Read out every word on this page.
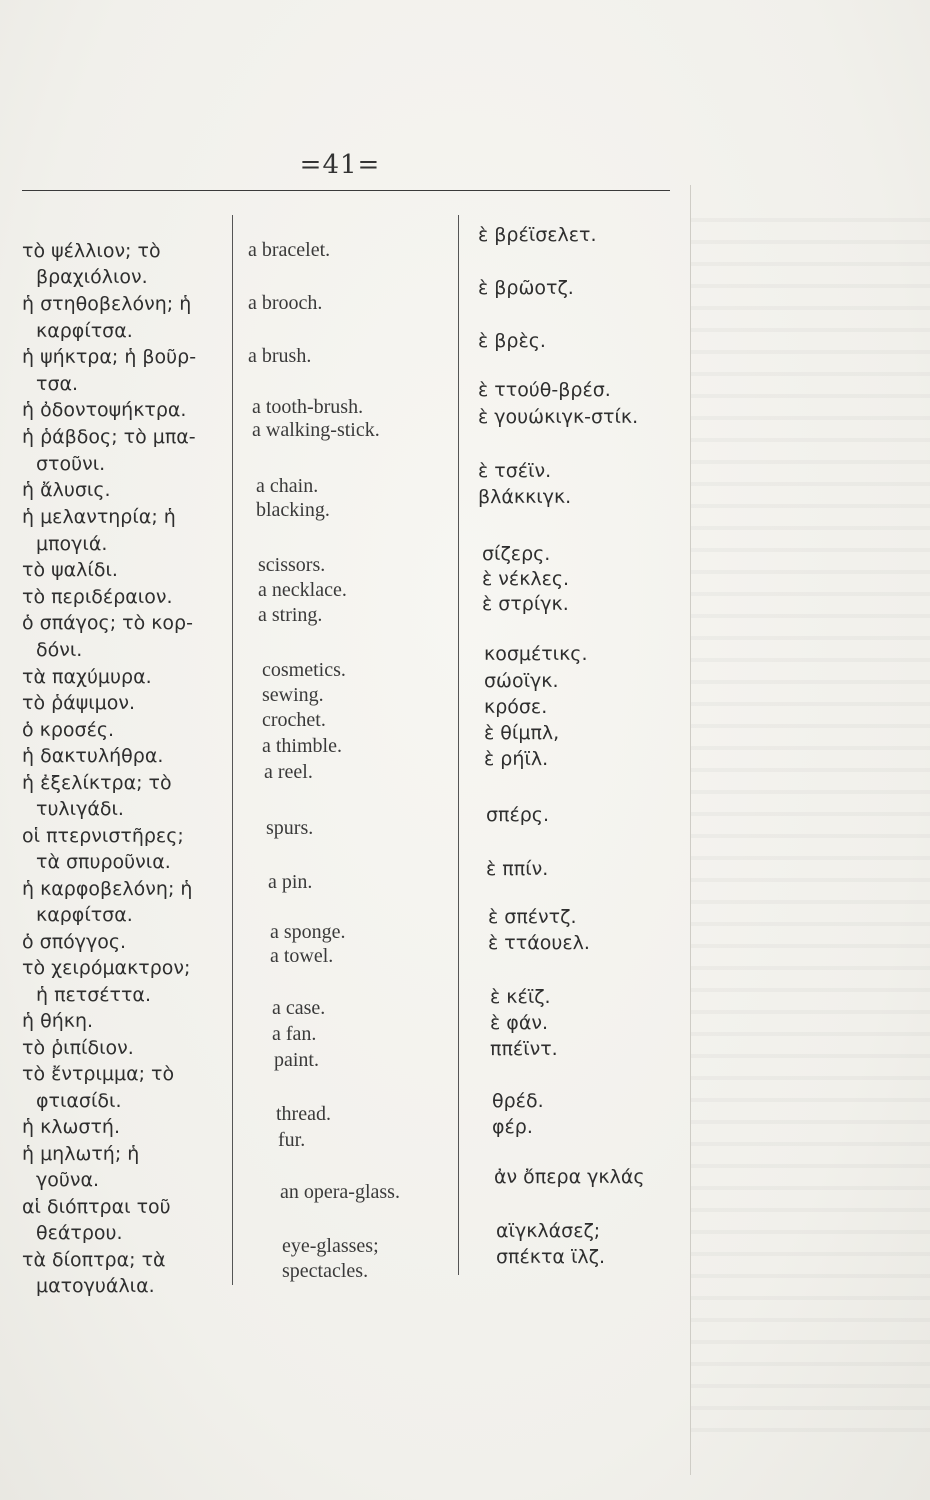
=41=
τὸ ψέλλιον; τὸ
βραχιόλιον.
ἡ στηθοβελόνη; ἡ
καρφίτσα.
ἡ ψήκτρα; ἡ βοῦρ-
τσα.
ἡ ὀδοντοψήκτρα.
ἡ ῥάβδος; τὸ μπα-
στοῦνι.
ἡ ἄλυσις.
ἡ μελαντηρία; ἡ
μπογιά.
τὸ ψαλίδι.
τὸ περιδέραιον.
ὁ σπάγος; τὸ κορ-
δόνι.
τὰ παχύμυρα.
τὸ ῥάψιμον.
ὁ κροσές.
ἡ δακτυλήθρα.
ἡ ἐξελίκτρα; τὸ
τυλιγάδι.
οἱ πτερνιστῆρες;
τὰ σπυροῦνια.
ἡ καρφοβελόνη; ἡ
καρφίτσα.
ὁ σπόγγος.
τὸ χειρόμακτρον;
ἡ πετσέττα.
ἡ θήκη.
τὸ ῥιπίδιον.
τὸ ἔντριμμα; τὸ
φτιασίδι.
ἡ κλωστή.
ἡ μηλωτή; ἡ
γοῦνα.
αἱ διόπτραι τοῦ
θεάτρου.
τὰ δίοπτρα; τὰ
ματογυάλια.
a bracelet.
a brooch.
a brush.
a tooth-brush.
a walking-stick.
a chain.
blacking.
scissors.
a necklace.
a string.
cosmetics.
sewing.
crochet.
a thimble.
a reel.
spurs.
a pin.
a sponge.
a towel.
a case.
a fan.
paint.
thread.
fur.
an opera-glass.
eye-glasses;
spectacles.
ὲ βρέϊσελετ.
ὲ βρῶοτζ.
ὲ βρὲς.
ὲ ττούθ-βρέσ.
ὲ γουώκιγκ-στίκ.
ὲ τσέϊν.
βλάκκιγκ.
σίζερς.
ὲ νέκλες.
ὲ στρίγκ.
κοσμέτικς.
σώοϊγκ.
κρόσε.
ὲ θίμπλ,
ὲ ρήϊλ.
σπέρς.
ὲ ππίν.
ὲ σπέντζ.
ὲ ττάουελ.
ὲ κέϊζ.
ὲ φάν.
ππέϊντ.
θρέδ.
φέρ.
ἀν ὄπερα γκλάς
αϊγκλάσεζ;
σπέκτα ϊλζ.
